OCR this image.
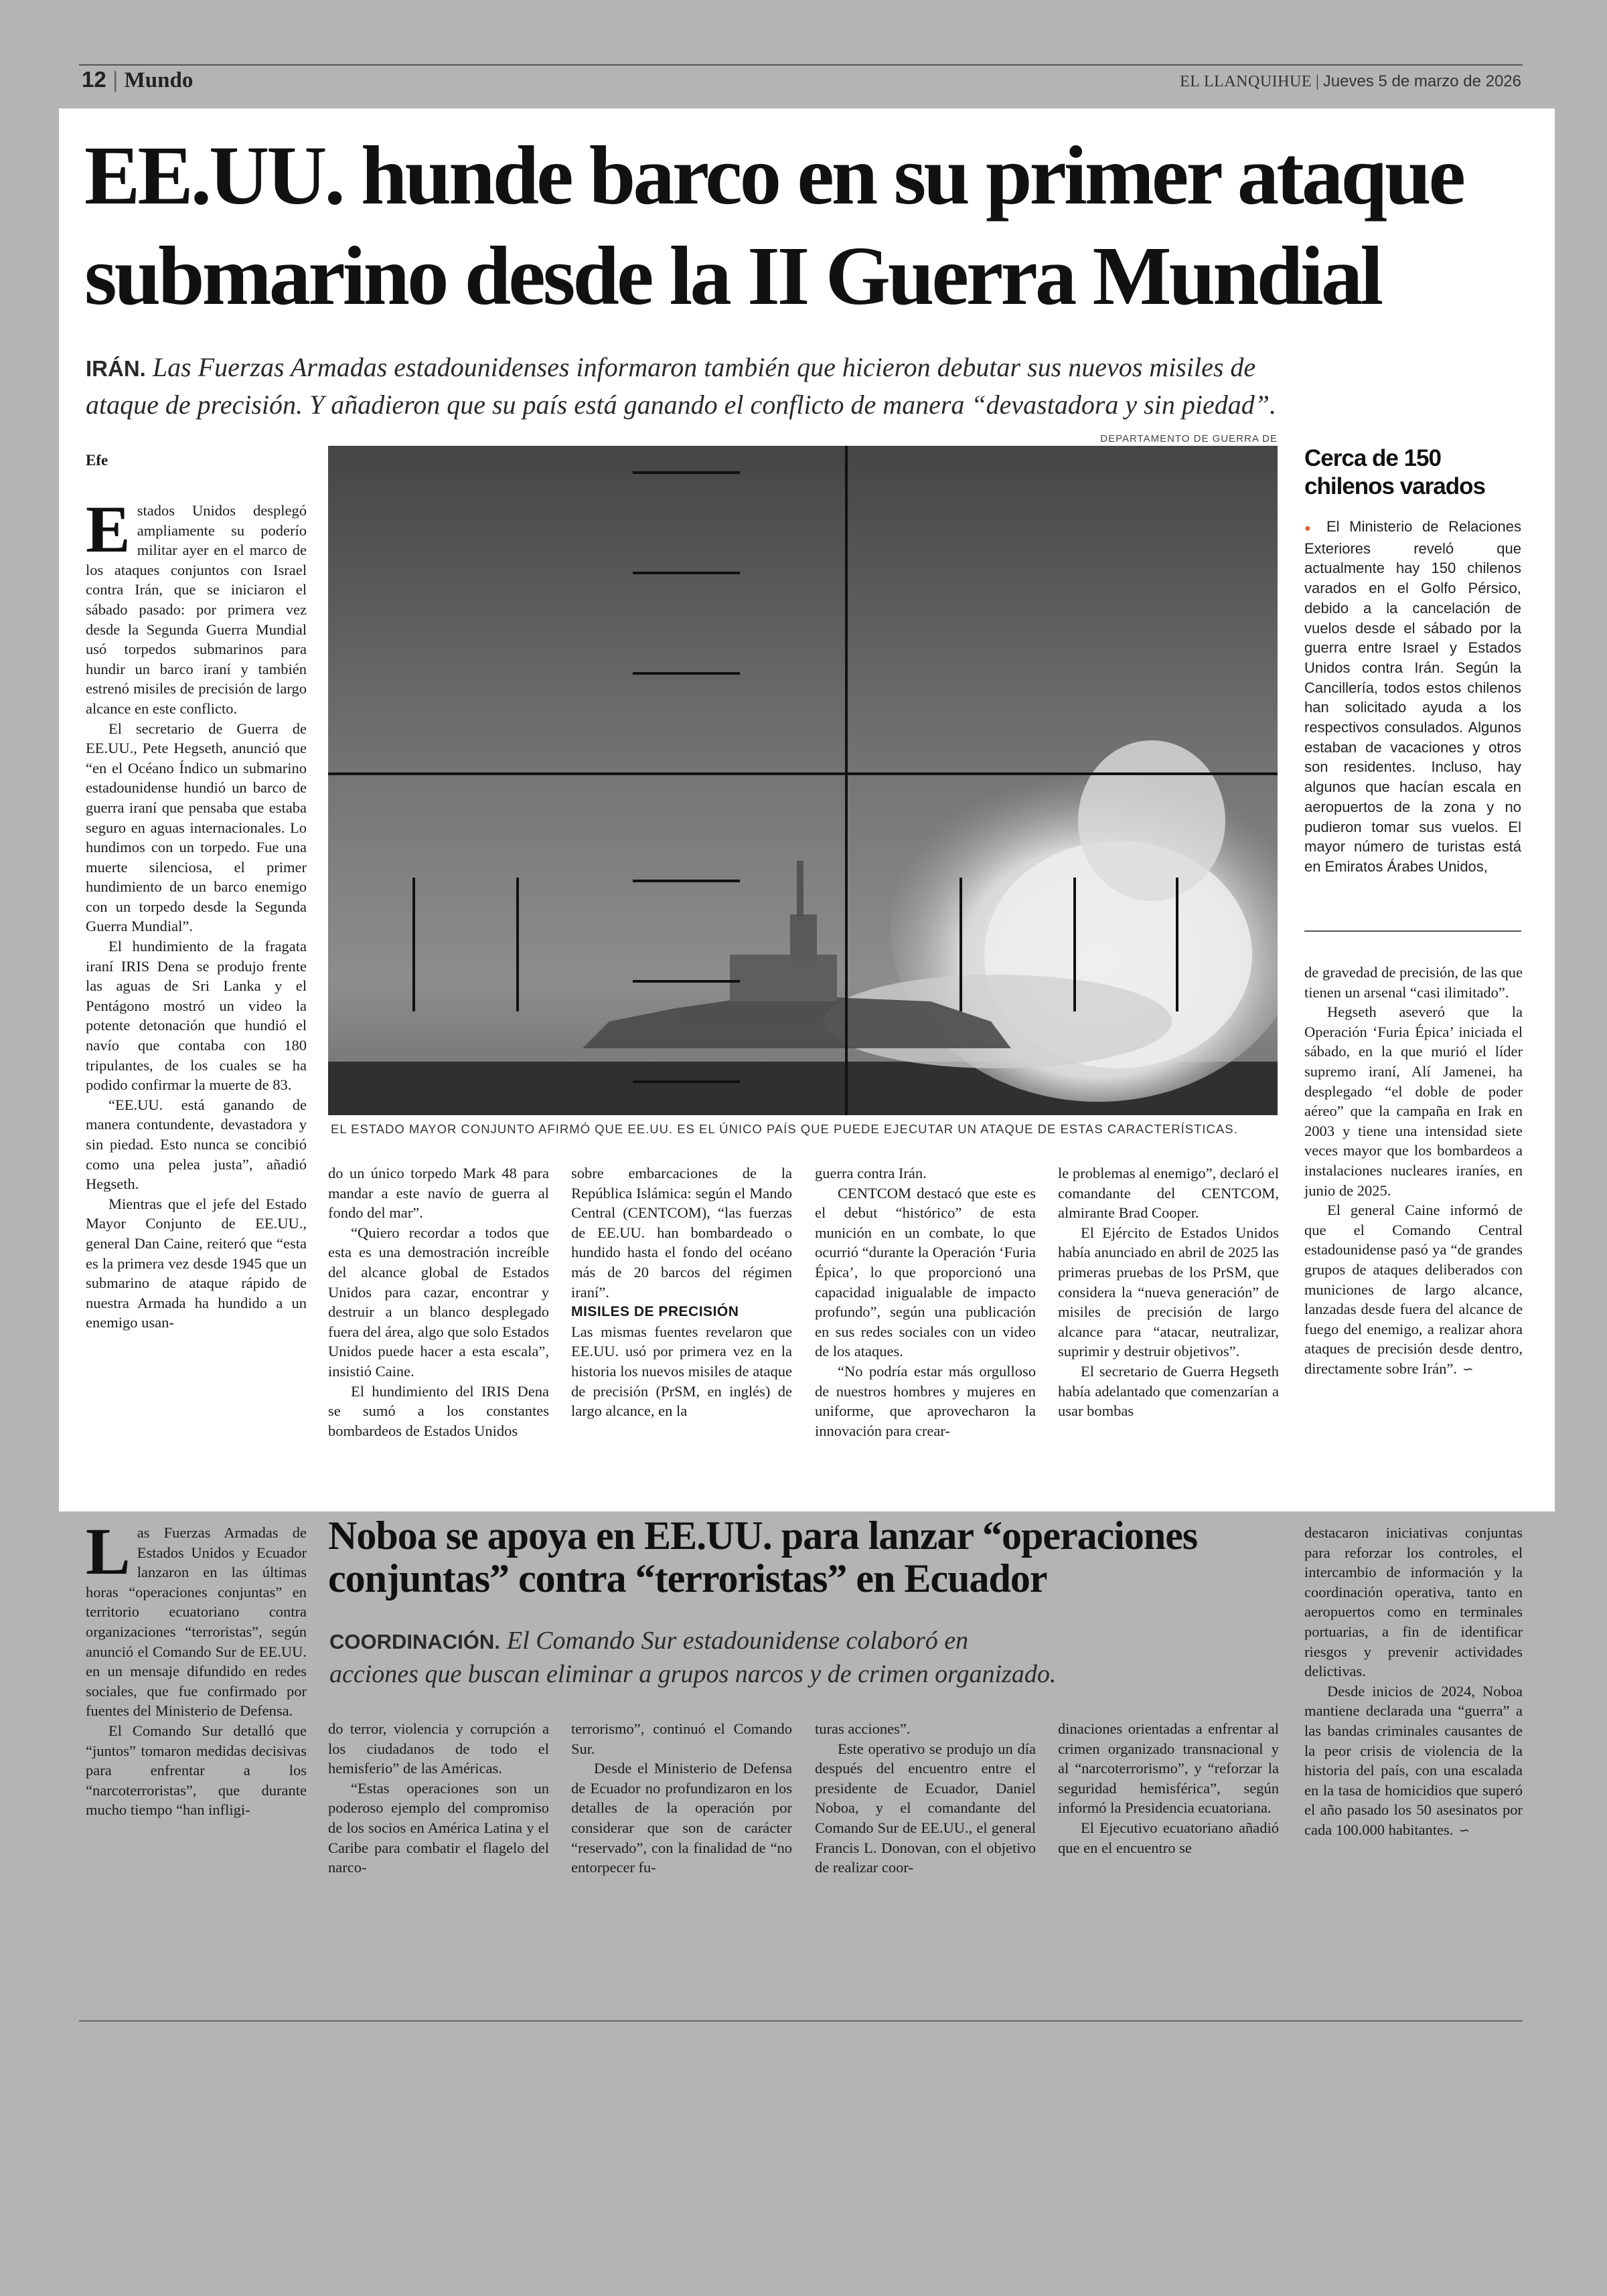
12 | Mundo	EL LLANQUIHUE | Jueves 5 de marzo de 2026
EE.UU. hunde barco en su primer ataque
submarino desde la II Guerra Mundial
IRÁN. Las Fuerzas Armadas estadounidenses informaron también que hicieron debutar sus nuevos misiles de
ataque de precisión. Y añadieron que su país está ganando el conflicto de manera “devastadora y sin piedad”.
DEPARTAMENTO DE GUERRA DE
Efe
EL ESTADO MAYOR CONJUNTO AFIRMÓ QUE EE.UU. ES EL ÚNICO PAÍS QUE PUEDE EJECUTAR UN ATAQUE DE ESTAS CARACTERÍSTICAS.

Estados Unidos desplegó ampliamente su poderío militar ayer en el marco de los ataques conjuntos con Israel contra Irán, que se iniciaron el sábado pasado: por primera vez desde la Segunda Guerra Mundial usó torpedos submarinos para hundir un barco iraní y también estrenó misiles de precisión de largo alcance en este conflicto.

El secretario de Guerra de EE.UU., Pete Hegseth, anunció que “en el Océano Índico un submarino estadounidense hundió un barco de guerra iraní que pensaba que estaba seguro en aguas internacionales. Lo hundimos con un torpedo. Fue una muerte silenciosa, el primer hundimiento de un barco enemigo con un torpedo desde la Segunda Guerra Mundial”.

El hundimiento de la fragata iraní IRIS Dena se produjo frente las aguas de Sri Lanka y el Pentágono mostró un video la potente detonación que hundió el navío que contaba con 180 tripulantes, de los cuales se ha podido confirmar la muerte de 83.

“EE.UU. está ganando de manera contundente, devastadora y sin piedad. Esto nunca se concibió como una pelea justa”, añadió Hegseth.

Mientras que el jefe del Estado Mayor Conjunto de EE.UU., general Dan Caine, reiteró que “esta es la primera vez desde 1945 que un submarino de ataque rápido de nuestra Armada ha hundido a un enemigo usan-

do un único torpedo Mark 48 para mandar a este navío de guerra al fondo del mar”.

“Quiero recordar a todos que esta es una demostración increíble del alcance global de Estados Unidos para cazar, encontrar y destruir a un blanco desplegado fuera del área, algo que solo Estados Unidos puede hacer a esta escala”, insistió Caine.

El hundimiento del IRIS Dena se sumó a los constantes bombardeos de Estados Unidos

sobre embarcaciones de la República Islámica: según el Mando Central (CENTCOM), “las fuerzas de EE.UU. han bombardeado o hundido hasta el fondo del océano más de 20 barcos del régimen iraní”.

MISILES DE PRECISIÓN

Las mismas fuentes revelaron que EE.UU. usó por primera vez en la historia los nuevos misiles de ataque de precisión (PrSM, en inglés) de largo alcance, en la

guerra contra Irán.

CENTCOM destacó que este es el debut “histórico” de esta munición en un combate, lo que ocurrió “durante la Operación ‘Furia Épica’, lo que proporcionó una capacidad inigualable de impacto profundo”, según una publicación en sus redes sociales con un video de los ataques.

“No podría estar más orgulloso de nuestros hombres y mujeres en uniforme, que aprovecharon la innovación para crear-

le problemas al enemigo”, declaró el comandante del CENTCOM, almirante Brad Cooper.

El Ejército de Estados Unidos había anunciado en abril de 2025 las primeras pruebas de los PrSM, que considera la “nueva generación” de misiles de precisión de largo alcance para “atacar, neutralizar, suprimir y destruir objetivos”.

El secretario de Guerra Hegseth había adelantado que comenzarían a usar bombas

Cerca de 150
chilenos varados
● El Ministerio de Relaciones Exteriores reveló que actualmente hay 150 chilenos varados en el Golfo Pérsico, debido a la cancelación de vuelos desde el sábado por la guerra entre Israel y Estados Unidos contra Irán. Según la Cancillería, todos estos chilenos han solicitado ayuda a los respectivos consulados. Algunos estaban de vacaciones y otros son residentes. Incluso, hay algunos que hacían escala en aeropuertos de la zona y no pudieron tomar sus vuelos. El mayor número de turistas está en Emiratos Árabes Unidos,

de gravedad de precisión, de las que tienen un arsenal “casi ilimitado”.

Hegseth aseveró que la Operación ‘Furia Épica’ iniciada el sábado, en la que murió el líder supremo iraní, Alí Jamenei, ha desplegado “el doble de poder aéreo” que la campaña en Irak en 2003 y tiene una intensidad siete veces mayor que los bombardeos a instalaciones nucleares iraníes, en junio de 2025.

El general Caine informó de que el Comando Central estadounidense pasó ya “de grandes grupos de ataques deliberados con municiones de largo alcance, lanzadas desde fuera del alcance de fuego del enemigo, a realizar ahora ataques de precisión desde dentro, directamente sobre Irán”. ∽

Las Fuerzas Armadas de Estados Unidos y Ecuador lanzaron en las últimas horas “operaciones conjuntas” en territorio ecuatoriano contra organizaciones “terroristas”, según anunció el Comando Sur de EE.UU. en un mensaje difundido en redes sociales, que fue confirmado por fuentes del Ministerio de Defensa.

El Comando Sur detalló que “juntos” tomaron medidas decisivas para enfrentar a los “narcoterroristas”, que durante mucho tiempo “han infligi-

Noboa se apoya en EE.UU. para lanzar “operaciones
conjuntas” contra “terroristas” en Ecuador
COORDINACIÓN. El Comando Sur estadounidense colaboró en
acciones que buscan eliminar a grupos narcos y de crimen organizado.

do terror, violencia y corrupción a los ciudadanos de todo el hemisferio” de las Américas.

“Estas operaciones son un poderoso ejemplo del compromiso de los socios en América Latina y el Caribe para combatir el flagelo del narco-

terrorismo”, continuó el Comando Sur.

Desde el Ministerio de Defensa de Ecuador no profundizaron en los detalles de la operación por considerar que son de carácter “reservado”, con la finalidad de “no entorpecer fu-

turas acciones”.

Este operativo se produjo un día después del encuentro entre el presidente de Ecuador, Daniel Noboa, y el comandante del Comando Sur de EE.UU., el general Francis L. Donovan, con el objetivo de realizar coor-

dinaciones orientadas a enfrentar al crimen organizado transnacional y al “narcoterrorismo”, y “reforzar la seguridad hemisférica”, según informó la Presidencia ecuatoriana.

El Ejecutivo ecuatoriano añadió que en el encuentro se

destacaron iniciativas conjuntas para reforzar los controles, el intercambio de información y la coordinación operativa, tanto en aeropuertos como en terminales portuarias, a fin de identificar riesgos y prevenir actividades delictivas.

Desde inicios de 2024, Noboa mantiene declarada una “guerra” a las bandas criminales causantes de la peor crisis de violencia de la historia del país, con una escalada en la tasa de homicidios que superó el año pasado los 50 asesinatos por cada 100.000 habitantes. ∽
